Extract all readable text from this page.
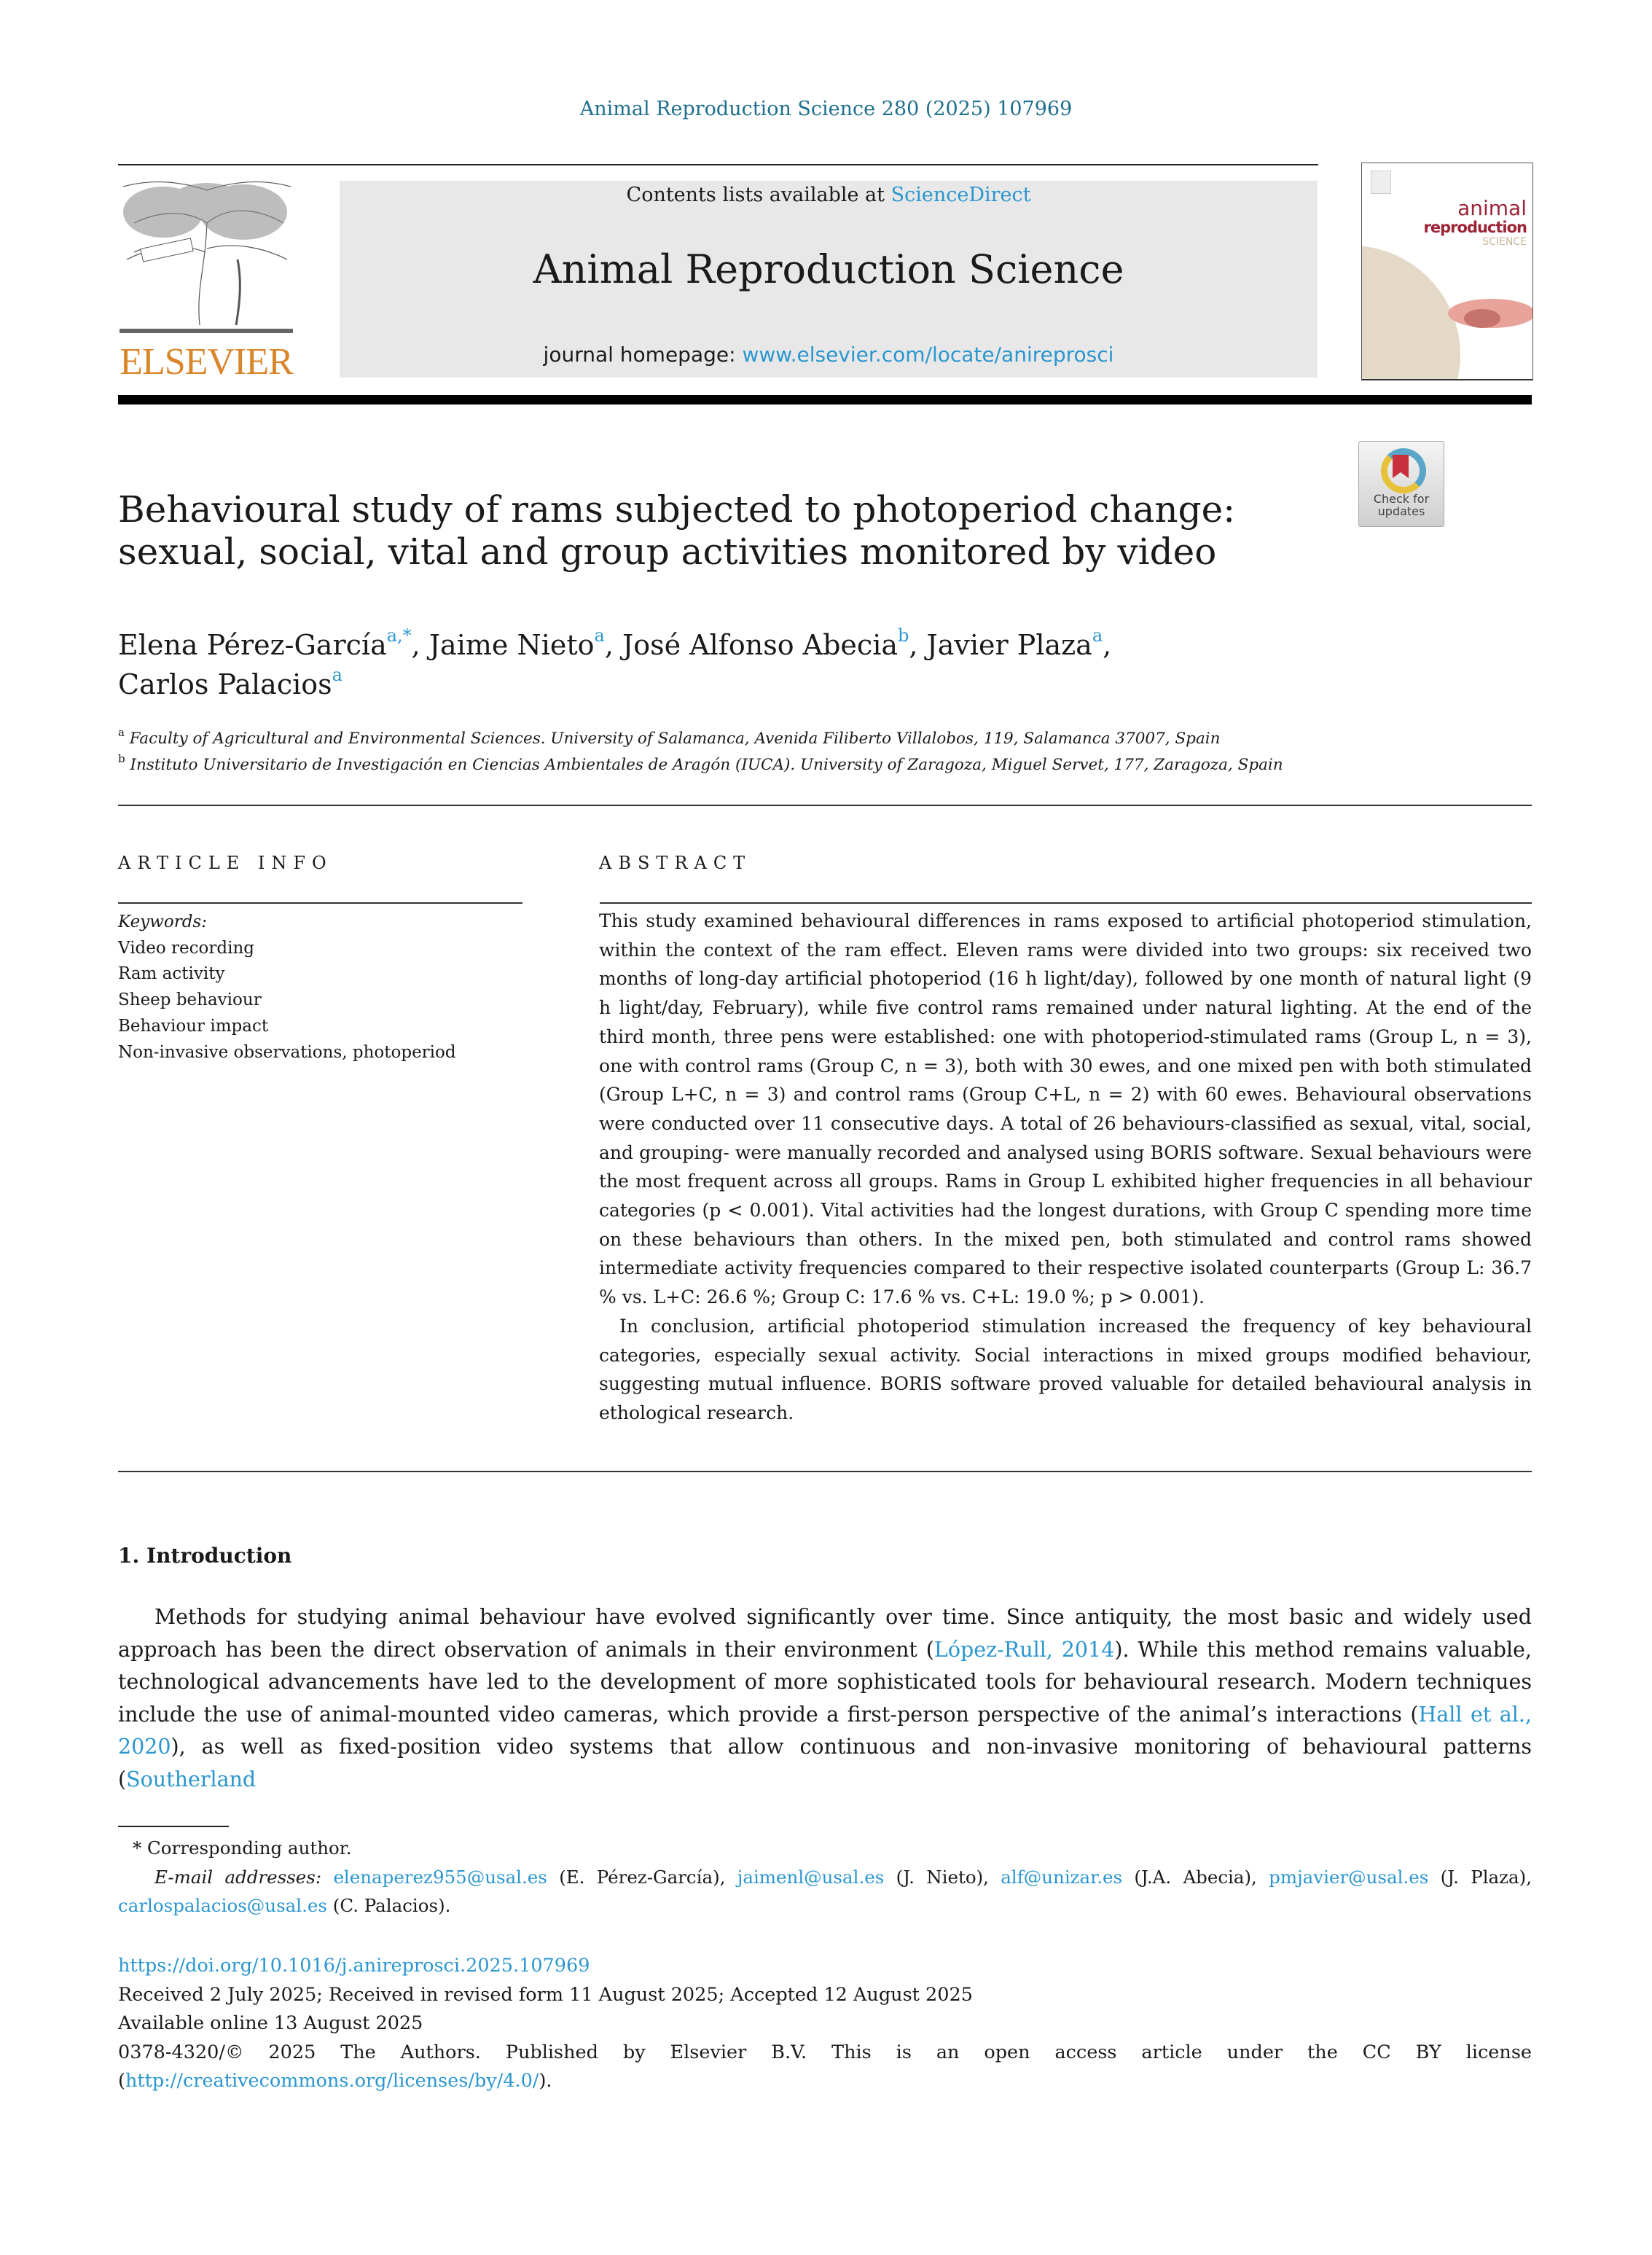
Animal Reproduction Science 280 (2025) 107969
ELSEVIER
Contents lists available at ScienceDirect
Animal Reproduction Science
journal homepage: www.elsevier.com/locate/anireprosci
animal
reproduction
SCIENCE
Check for
updates
Behavioural study of rams subjected to photoperiod change:
sexual, social, vital and group activities monitored by video
Elena Pérez-García$^{a,*}$, Jaime Nieto$^a$, José Alfonso Abecia$^b$, Javier Plaza$^a$,
Carlos Palacios$^a$
$^a$ Faculty of Agricultural and Environmental Sciences. University of Salamanca, Avenida Filiberto Villalobos, 119, Salamanca 37007, Spain
$^b$ Instituto Universitario de Investigación en Ciencias Ambientales de Aragón (IUCA). University of Zaragoza, Miguel Servet, 177, Zaragoza, Spain
ARTICLE INFO
Keywords:
Video recording
Ram activity
Sheep behaviour
Behaviour impact
Non-invasive observations, photoperiod
ABSTRACT

This study examined behavioural differences in rams exposed to artificial photoperiod stimulation, within the context of the ram effect. Eleven rams were divided into two groups: six received two months of long-day artificial photoperiod (16 h light/day), followed by one month of natural light (9 h light/day, February), while five control rams remained under natural lighting. At the end of the third month, three pens were established: one with photoperiod-stimulated rams (Group L, n = 3), one with control rams (Group C, n = 3), both with 30 ewes, and one mixed pen with both stimulated (Group L+C, n = 3) and control rams (Group C+L, n = 2) with 60 ewes. Behavioural observations were conducted over 11 consecutive days. A total of 26 behaviours-classified as sexual, vital, social, and grouping- were manually recorded and analysed using BORIS software. Sexual behaviours were the most frequent across all groups. Rams in Group L exhibited higher frequencies in all behaviour categories (p < 0.001). Vital activities had the longest durations, with Group C spending more time on these behaviours than others. In the mixed pen, both stimulated and control rams showed intermediate activity frequencies compared to their respective isolated counterparts (Group L: 36.7 % vs. L+C: 26.6 %; Group C: 17.6 % vs. C+L: 19.0 %; p > 0.001).

In conclusion, artificial photoperiod stimulation increased the frequency of key behavioural categories, especially sexual activity. Social interactions in mixed groups modified behaviour, suggesting mutual influence. BORIS software proved valuable for detailed behavioural analysis in ethological research.

1. Introduction
Methods for studying animal behaviour have evolved significantly over time. Since antiquity, the most basic and widely used approach has been the direct observation of animals in their environment (López-Rull, 2014). While this method remains valuable, technological advancements have led to the development of more sophisticated tools for behavioural research. Modern techniques include the use of animal-mounted video cameras, which provide a first-person perspective of the animal’s interactions (Hall et al., 2020), as well as fixed-position video systems that allow continuous and non-invasive monitoring of behavioural patterns (Southerland

* Corresponding author.

E-mail addresses: elenaperez955@usal.es (E. Pérez-García), jaimenl@usal.es (J. Nieto), alf@unizar.es (J.A. Abecia), pmjavier@usal.es (J. Plaza), carlospalacios@usal.es (C. Palacios).

https://doi.org/10.1016/j.anireprosci.2025.107969

Received 2 July 2025; Received in revised form 11 August 2025; Accepted 12 August 2025

Available online 13 August 2025

0378-4320/© 2025 The Authors. Published by Elsevier B.V. This is an open access article under the CC BY license

(http://creativecommons.org/licenses/by/4.0/).
